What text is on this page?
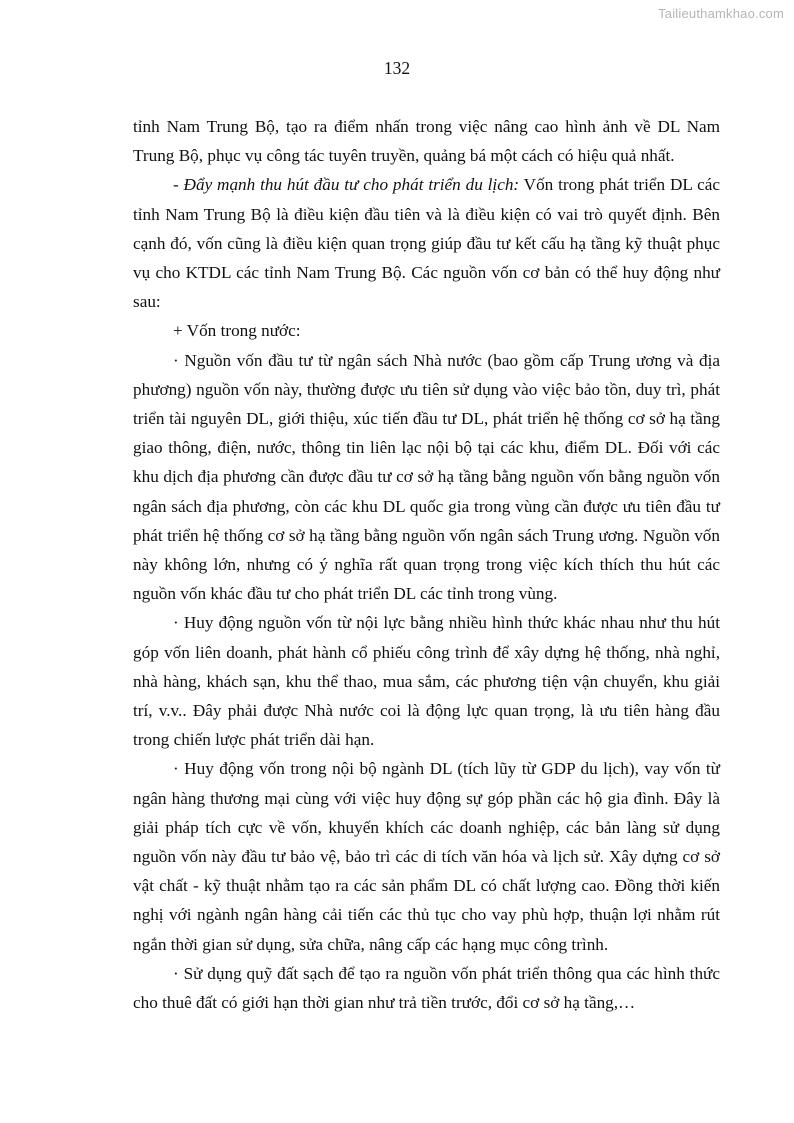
Tailieuthamkhao.com
132

tỉnh Nam Trung Bộ, tạo ra điểm nhấn trong việc nâng cao hình ảnh về DL Nam Trung Bộ, phục vụ công tác tuyên truyền, quảng bá một cách có hiệu quả nhất.

- Đẩy mạnh thu hút đầu tư cho phát triển du lịch: Vốn trong phát triển DL các tỉnh Nam Trung Bộ là điều kiện đầu tiên và là điều kiện có vai trò quyết định. Bên cạnh đó, vốn cũng là điều kiện quan trọng giúp đầu tư kết cấu hạ tầng kỹ thuật phục vụ cho KTDL các tỉnh Nam Trung Bộ. Các nguồn vốn cơ bản có thể huy động như sau:

+ Vốn trong nước:

· Nguồn vốn đầu tư từ ngân sách Nhà nước (bao gồm cấp Trung ương và địa phương) nguồn vốn này, thường được ưu tiên sử dụng vào việc bảo tồn, duy trì, phát triển tài nguyên DL, giới thiệu, xúc tiến đầu tư DL, phát triển hệ thống cơ sở hạ tầng giao thông, điện, nước, thông tin liên lạc nội bộ tại các khu, điểm DL. Đối với các khu dịch địa phương cần được đầu tư cơ sở hạ tầng bằng nguồn vốn bằng nguồn vốn ngân sách địa phương, còn các khu DL quốc gia trong vùng cần được ưu tiên đầu tư phát triển hệ thống cơ sở hạ tầng bằng nguồn vốn ngân sách Trung ương. Nguồn vốn này không lớn, nhưng có ý nghĩa rất quan trọng trong việc kích thích thu hút các nguồn vốn khác đầu tư cho phát triển DL các tỉnh trong vùng.

· Huy động nguồn vốn từ nội lực bằng nhiều hình thức khác nhau như thu hút góp vốn liên doanh, phát hành cổ phiếu công trình để xây dựng hệ thống, nhà nghỉ, nhà hàng, khách sạn, khu thể thao, mua sắm, các phương tiện vận chuyển, khu giải trí, v.v.. Đây phải được Nhà nước coi là động lực quan trọng, là ưu tiên hàng đầu trong chiến lược phát triển dài hạn.

· Huy động vốn trong nội bộ ngành DL (tích lũy từ GDP du lịch), vay vốn từ ngân hàng thương mại cùng với việc huy động sự góp phần các hộ gia đình. Đây là giải pháp tích cực về vốn, khuyến khích các doanh nghiệp, các bản làng sử dụng nguồn vốn này đầu tư bảo vệ, bảo trì các di tích văn hóa và lịch sử. Xây dựng cơ sở vật chất - kỹ thuật nhằm tạo ra các sản phẩm DL có chất lượng cao. Đồng thời kiến nghị với ngành ngân hàng cải tiến các thủ tục cho vay phù hợp, thuận lợi nhằm rút ngắn thời gian sử dụng, sửa chữa, nâng cấp các hạng mục công trình.

· Sử dụng quỹ đất sạch để tạo ra nguồn vốn phát triển thông qua các hình thức cho thuê đất có giới hạn thời gian như trả tiền trước, đổi cơ sở hạ tầng,…
